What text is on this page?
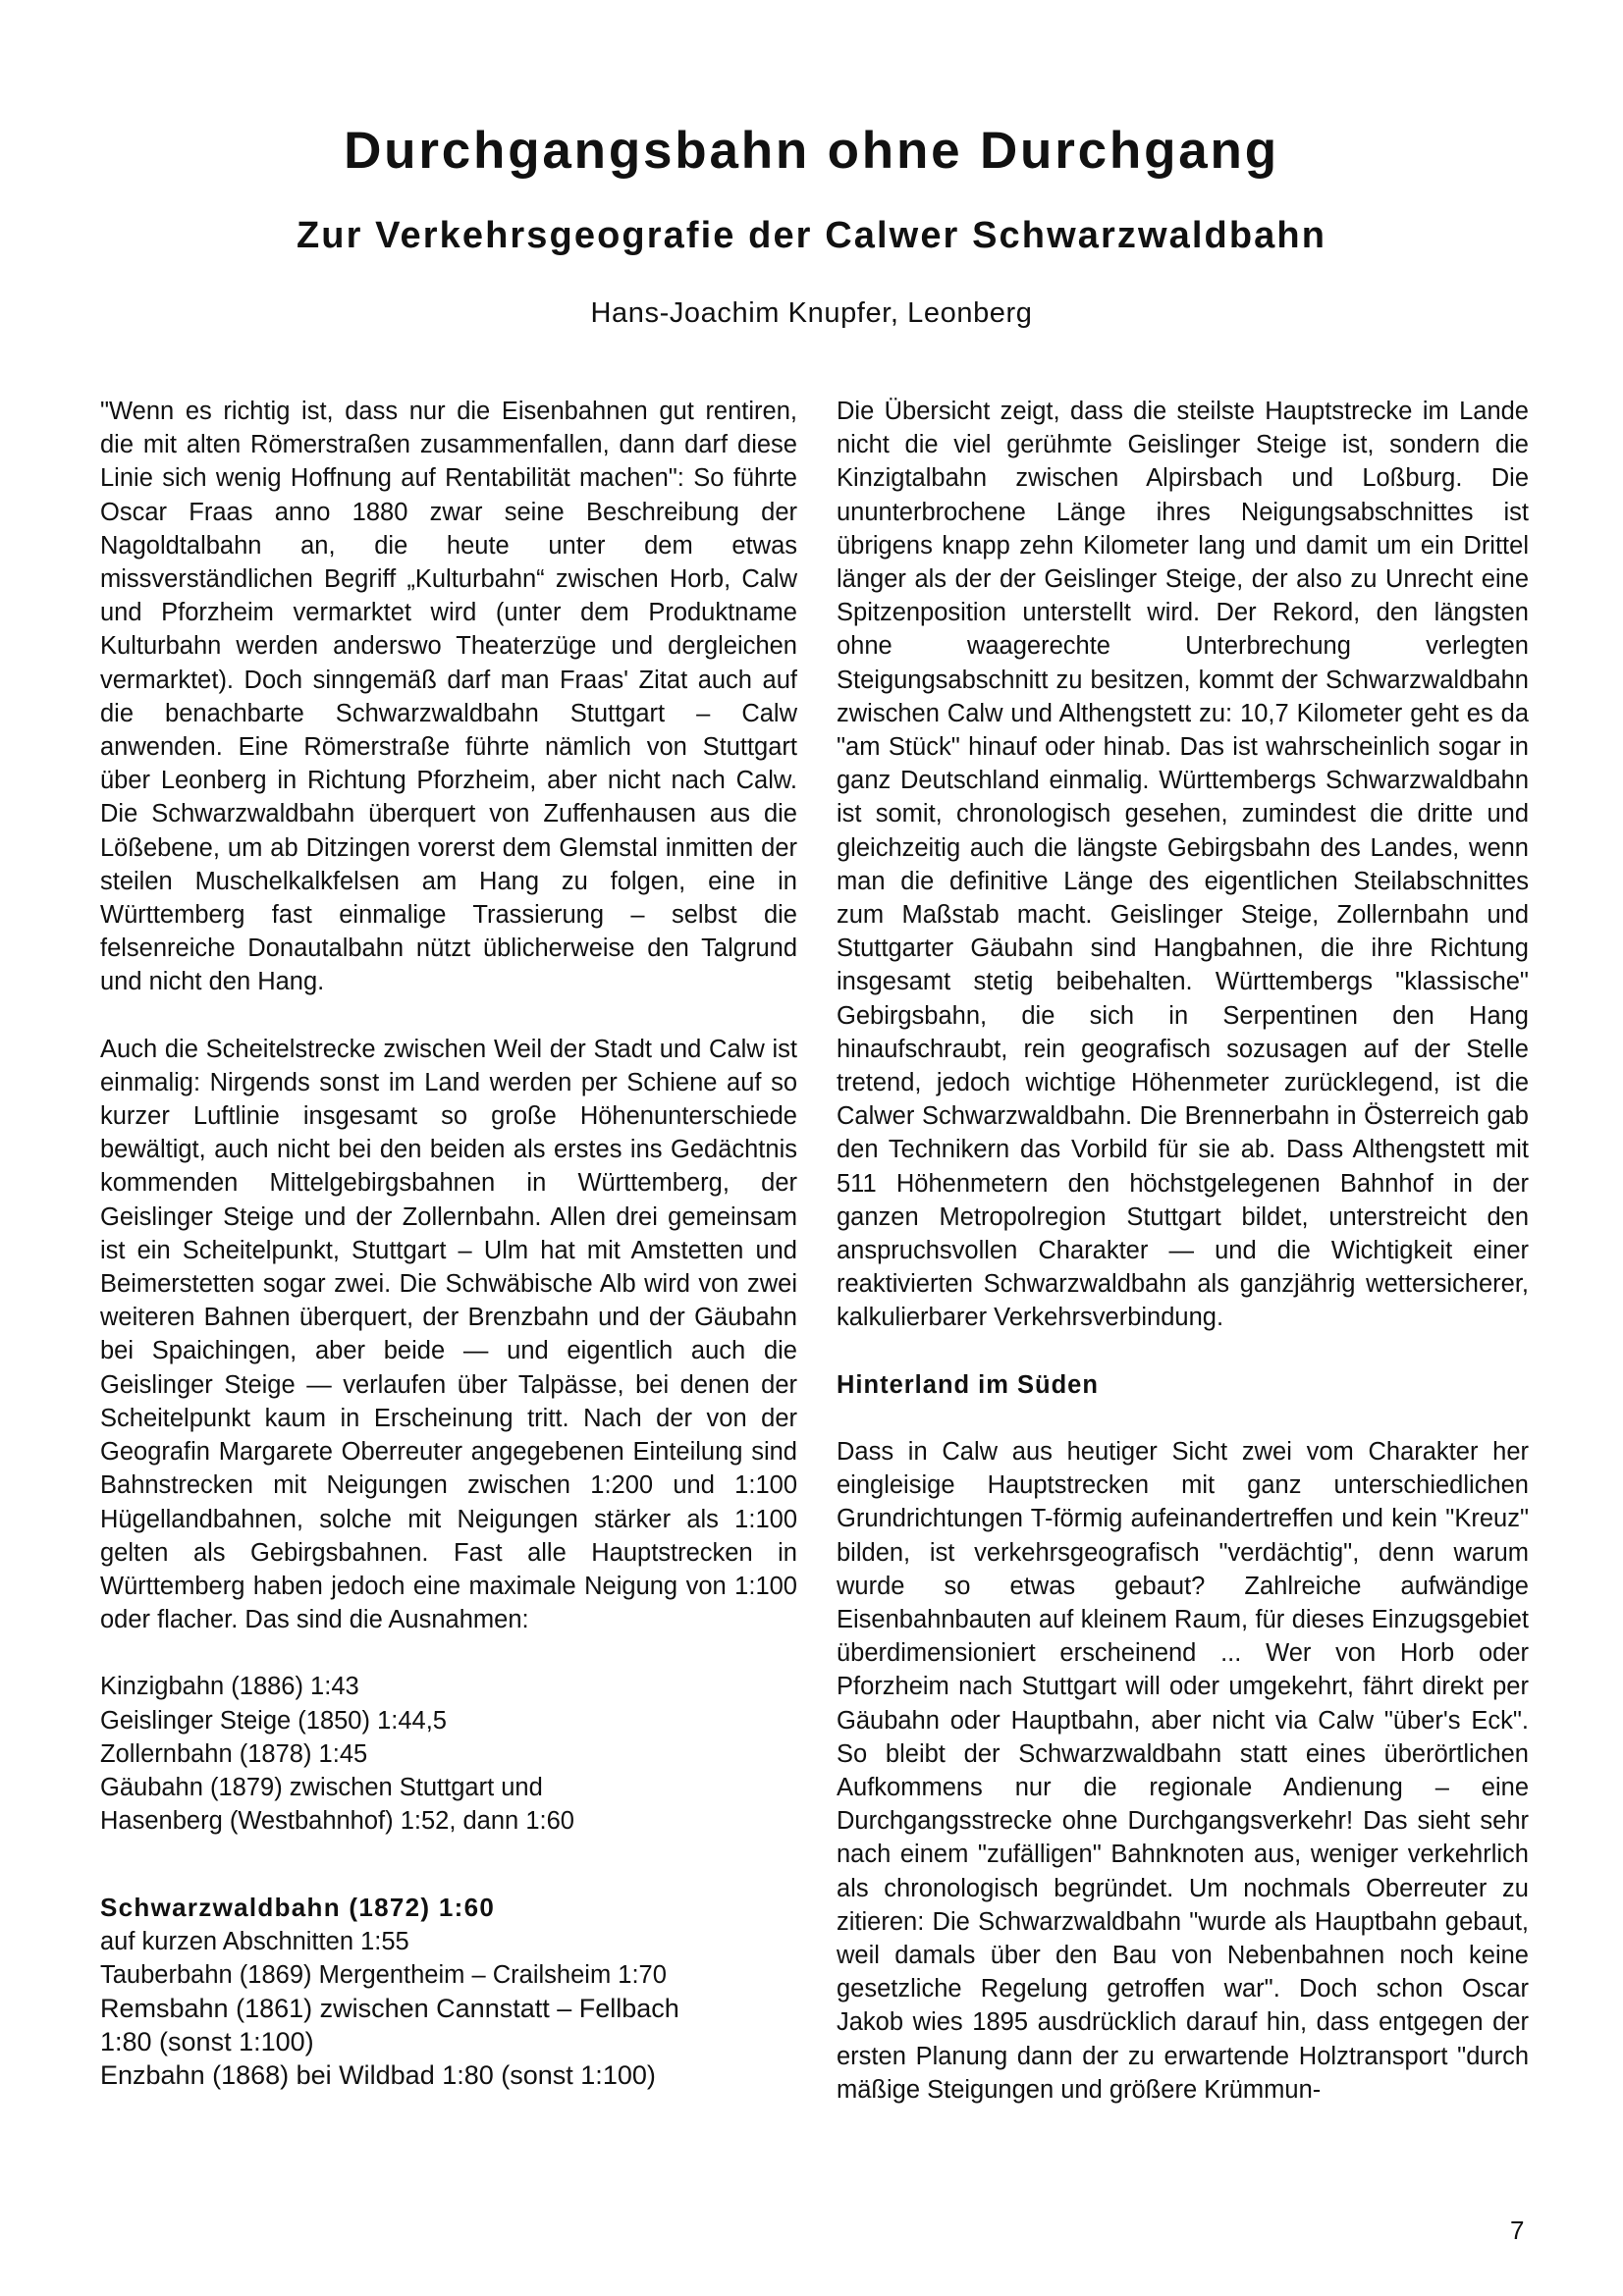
Durchgangsbahn ohne Durchgang
Zur Verkehrsgeografie der Calwer Schwarzwaldbahn
Hans-Joachim Knupfer, Leonberg

"Wenn es richtig ist, dass nur die Eisenbahnen gut rentiren, die mit alten Römerstraßen zusammenfallen, dann darf diese Linie sich wenig Hoffnung auf Rentabilität machen": So führte Oscar Fraas anno 1880 zwar seine Beschreibung der Nagoldtalbahn an, die heute unter dem etwas missverständlichen Begriff „Kulturbahn“ zwischen Horb, Calw und Pforzheim vermarktet wird (unter dem Produktname Kulturbahn werden anderswo Theaterzüge und dergleichen vermarktet). Doch sinngemäß darf man Fraas' Zitat auch auf die benachbarte Schwarzwaldbahn Stuttgart – Calw anwenden. Eine Römerstraße führte nämlich von Stuttgart über Leonberg in Richtung Pforzheim, aber nicht nach Calw. Die Schwarzwaldbahn überquert von Zuffenhausen aus die Lößebene, um ab Ditzingen vorerst dem Glemstal inmitten der steilen Muschelkalkfelsen am Hang zu folgen, eine in Württemberg fast einmalige Trassierung – selbst die felsenreiche Donautalbahn nützt üblicherweise den Talgrund und nicht den Hang.

Auch die Scheitelstrecke zwischen Weil der Stadt und Calw ist einmalig: Nirgends sonst im Land werden per Schiene auf so kurzer Luftlinie insgesamt so große Höhenunterschiede bewältigt, auch nicht bei den beiden als erstes ins Gedächtnis kommenden Mittelgebirgsbahnen in Württemberg, der Geislinger Steige und der Zollernbahn. Allen drei gemeinsam ist ein Scheitelpunkt, Stuttgart – Ulm hat mit Amstetten und Beimerstetten sogar zwei. Die Schwäbische Alb wird von zwei weiteren Bahnen überquert, der Brenzbahn und der Gäubahn bei Spaichingen, aber beide — und eigentlich auch die Geislinger Steige — verlaufen über Talpässe, bei denen der Scheitelpunkt kaum in Erscheinung tritt. Nach der von der Geografin Margarete Oberreuter angegebenen Einteilung sind Bahnstrecken mit Neigungen zwischen 1:200 und 1:100 Hügellandbahnen, solche mit Neigungen stärker als 1:100 gelten als Gebirgsbahnen. Fast alle Hauptstrecken in Württemberg haben jedoch eine maximale Neigung von 1:100 oder flacher. Das sind die Ausnahmen:

Kinzigbahn (1886) 1:43
Geislinger Steige (1850) 1:44,5
Zollernbahn (1878) 1:45
Gäubahn (1879) zwischen Stuttgart und
Hasenberg (Westbahnhof) 1:52, dann 1:60
Schwarzwaldbahn (1872) 1:60
auf kurzen Abschnitten 1:55
Tauberbahn (1869) Mergentheim – Crailsheim 1:70
Remsbahn (1861) zwischen Cannstatt – Fellbach
1:80 (sonst 1:100)
Enzbahn (1868) bei Wildbad 1:80 (sonst 1:100)

Die Übersicht zeigt, dass die steilste Hauptstrecke im Lande nicht die viel gerühmte Geislinger Steige ist, sondern die Kinzigtalbahn zwischen Alpirsbach und Loßburg. Die ununterbrochene Länge ihres Neigungsabschnittes ist übrigens knapp zehn Kilometer lang und damit um ein Drittel länger als der der Geislinger Steige, der also zu Unrecht eine Spitzenposition unterstellt wird. Der Rekord, den längsten ohne waagerechte Unterbrechung verlegten Steigungsabschnitt zu besitzen, kommt der Schwarzwaldbahn zwischen Calw und Althengstett zu: 10,7 Kilometer geht es da "am Stück" hinauf oder hinab. Das ist wahrscheinlich sogar in ganz Deutschland einmalig. Württembergs Schwarzwaldbahn ist somit, chronologisch gesehen, zumindest die dritte und gleichzeitig auch die längste Gebirgsbahn des Landes, wenn man die definitive Länge des eigentlichen Steilabschnittes zum Maßstab macht. Geislinger Steige, Zollernbahn und Stuttgarter Gäubahn sind Hangbahnen, die ihre Richtung insgesamt stetig beibehalten. Württembergs "klassische" Gebirgsbahn, die sich in Serpentinen den Hang hinaufschraubt, rein geografisch sozusagen auf der Stelle tretend, jedoch wichtige Höhenmeter zurücklegend, ist die Calwer Schwarzwaldbahn. Die Brennerbahn in Österreich gab den Technikern das Vorbild für sie ab. Dass Althengstett mit 511 Höhenmetern den höchstgelegenen Bahnhof in der ganzen Metropolregion Stuttgart bildet, unterstreicht den anspruchsvollen Charakter — und die Wichtigkeit einer reaktivierten Schwarzwaldbahn als ganzjährig wettersicherer, kalkulierbarer Verkehrsverbindung.

Hinterland im Süden

Dass in Calw aus heutiger Sicht zwei vom Charakter her eingleisige Hauptstrecken mit ganz unterschiedlichen Grundrichtungen T-förmig aufeinandertreffen und kein "Kreuz" bilden, ist verkehrsgeografisch "verdächtig", denn warum wurde so etwas gebaut? Zahlreiche aufwändige Eisenbahnbauten auf kleinem Raum, für dieses Einzugsgebiet überdimensioniert erscheinend ... Wer von Horb oder Pforzheim nach Stuttgart will oder umgekehrt, fährt direkt per Gäubahn oder Hauptbahn, aber nicht via Calw "über's Eck". So bleibt der Schwarzwaldbahn statt eines überörtlichen Aufkommens nur die regionale Andienung – eine Durchgangsstrecke ohne Durchgangsverkehr! Das sieht sehr nach einem "zufälligen" Bahnknoten aus, weniger verkehrlich als chronologisch begründet. Um nochmals Oberreuter zu zitieren: Die Schwarzwaldbahn "wurde als Hauptbahn gebaut, weil damals über den Bau von Nebenbahnen noch keine gesetzliche Regelung getroffen war". Doch schon Oscar Jakob wies 1895 ausdrücklich darauf hin, dass entgegen der ersten Planung dann der zu erwartende Holztransport "durch mäßige Steigungen und größere Krümmun-

7
